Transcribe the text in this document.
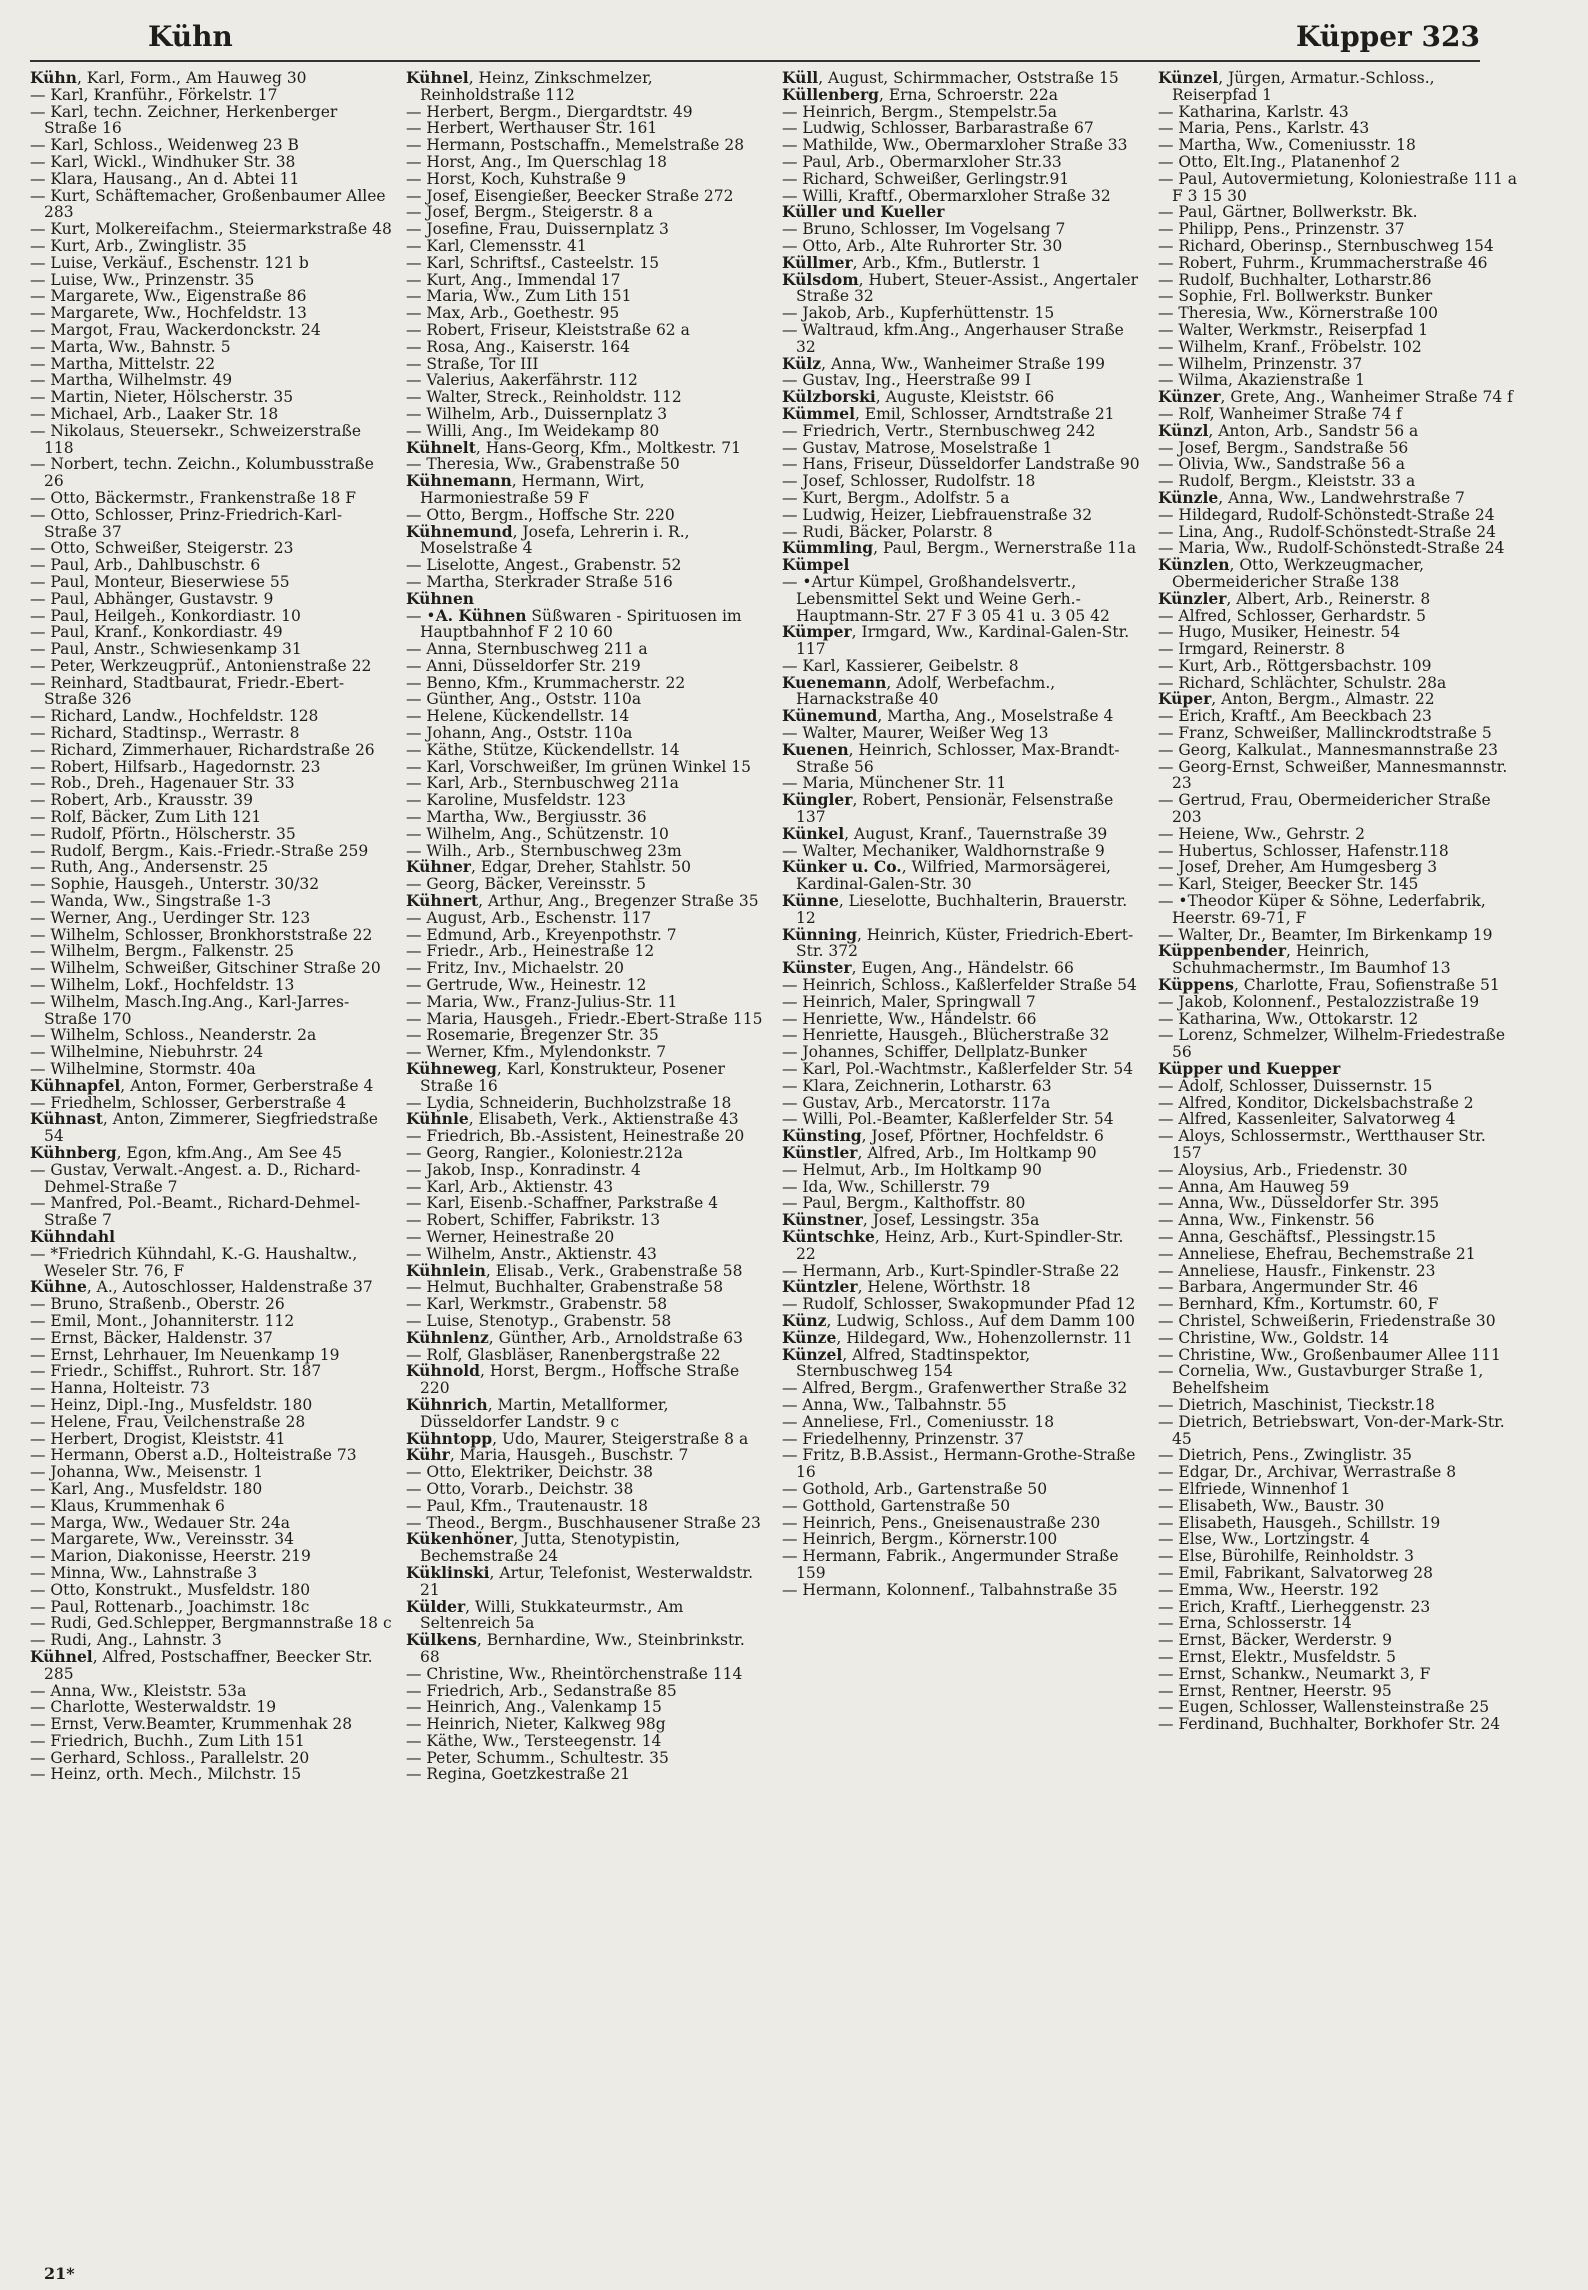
Kühn	Küpper 323
Kühn, Karl, Form., Am Hauweg 30
— Karl, Kranführ., Förkelstr. 17
— Karl, techn. Zeichner, Herkenberger Straße 16
— Karl, Schloss., Weidenweg 23 B
— Karl, Wickl., Windhuker Str. 38
— Klara, Hausang., An d. Abtei 11
— Kurt, Schäftemacher, Großenbaumer Allee 283
— Kurt, Molkereifachm., Steiermarkstraße 48
— Kurt, Arb., Zwinglistr. 35
— Luise, Verkäuf., Eschenstr. 121 b
— Luise, Ww., Prinzenstr. 35
— Margarete, Ww., Eigenstraße 86
— Margarete, Ww., Hochfeldstr. 13
— Margot, Frau, Wackerdonckstr. 24
— Marta, Ww., Bahnstr. 5
— Martha, Mittelstr. 22
— Martha, Wilhelmstr. 49
— Martin, Nieter, Hölscherstr. 35
— Michael, Arb., Laaker Str. 18
— Nikolaus, Steuersekr., Schweizerstraße 118
— Norbert, techn. Zeichn., Kolumbusstraße 26
— Otto, Bäckermstr., Frankenstraße 18 F
— Otto, Schlosser, Prinz-Friedrich-Karl-Straße 37
— Otto, Schweißer, Steigerstr. 23
— Paul, Arb., Dahlbuschstr. 6
— Paul, Monteur, Bieserwiese 55
— Paul, Abhänger, Gustavstr. 9
— Paul, Heilgeh., Konkordiastr. 10
— Paul, Kranf., Konkordiastr. 49
— Paul, Anstr., Schwiesenkamp 31
— Peter, Werkzeugprüf., Antonienstraße 22
— Reinhard, Stadtbaurat, Friedr.-Ebert-Straße 326
— Richard, Landw., Hochfeldstr. 128
— Richard, Stadtinsp., Werrastr. 8
— Richard, Zimmerhauer, Richardstraße 26
— Robert, Hilfsarb., Hagedornstr. 23
— Rob., Dreh., Hagenauer Str. 33
— Robert, Arb., Krausstr. 39
— Rolf, Bäcker, Zum Lith 121
— Rudolf, Pförtn., Hölscherstr. 35
— Rudolf, Bergm., Kais.-Friedr.-Straße 259
— Ruth, Ang., Andersenstr. 25
— Sophie, Hausgeh., Unterstr. 30/32
— Wanda, Ww., Singstraße 1-3
— Werner, Ang., Uerdinger Str. 123
— Wilhelm, Schlosser, Bronkhorststraße 22
— Wilhelm, Bergm., Falkenstr. 25
— Wilhelm, Schweißer, Gitschiner Straße 20
— Wilhelm, Lokf., Hochfeldstr. 13
— Wilhelm, Masch.Ing.Ang., Karl-Jarres-Straße 170
— Wilhelm, Schloss., Neanderstr. 2a
— Wilhelmine, Niebuhrstr. 24
— Wilhelmine, Stormstr. 40a
Kühnapfel, Anton, Former, Gerberstraße 4
— Friedhelm, Schlosser, Gerberstraße 4
Kühnast, Anton, Zimmerer, Siegfriedstraße 54
Kühnberg, Egon, kfm.Ang., Am See 45
— Gustav, Verwalt.-Angest. a. D., Richard-Dehmel-Straße 7
— Manfred, Pol.-Beamt., Richard-Dehmel-Straße 7
Kühndahl
— *Friedrich Kühndahl, K.-G. Haushaltw., Weseler Str. 76, F
Kühne, A., Autoschlosser, Haldenstraße 37
— Bruno, Straßenb., Oberstr. 26
— Emil, Mont., Johanniterstr. 112
— Ernst, Bäcker, Haldenstr. 37
— Ernst, Lehrhauer, Im Neuenkamp 19
— Friedr., Schiffst., Ruhrort. Str. 187
— Hanna, Holteistr. 73
— Heinz, Dipl.-Ing., Musfeldstr. 180
— Helene, Frau, Veilchenstraße 28
— Herbert, Drogist, Kleiststr. 41
— Hermann, Oberst a.D., Holteistraße 73
— Johanna, Ww., Meisenstr. 1
— Karl, Ang., Musfeldstr. 180
— Klaus, Krummenhak 6
— Marga, Ww., Wedauer Str. 24a
— Margarete, Ww., Vereinsstr. 34
— Marion, Diakonisse, Heerstr. 219
— Minna, Ww., Lahnstraße 3
— Otto, Konstrukt., Musfeldstr. 180
— Paul, Rottenarb., Joachimstr. 18c
— Rudi, Ged.Schlepper, Bergmannstraße 18 c
— Rudi, Ang., Lahnstr. 3
Kühnel, Alfred, Postschaffner, Beecker Str. 285
— Anna, Ww., Kleiststr. 53a
— Charlotte, Westerwaldstr. 19
— Ernst, Verw.Beamter, Krummenhak 28
— Friedrich, Buchh., Zum Lith 151
— Gerhard, Schloss., Parallelstr. 20
— Heinz, orth. Mech., Milchstr. 15
Kühnel, Heinz, Zinkschmelzer, Reinholdstraße 112
— Herbert, Bergm., Diergardtstr. 49
— Herbert, Werthauser Str. 161
— Hermann, Postschaffn., Memelstraße 28
— Horst, Ang., Im Querschlag 18
— Horst, Koch, Kuhstraße 9
— Josef, Eisengießer, Beecker Straße 272
— Josef, Bergm., Steigerstr. 8 a
— Josefine, Frau, Duissernplatz 3
— Karl, Clemensstr. 41
— Karl, Schriftsf., Casteelstr. 15
— Kurt, Ang., Immendal 17
— Maria, Ww., Zum Lith 151
— Max, Arb., Goethestr. 95
— Robert, Friseur, Kleiststraße 62 a
— Rosa, Ang., Kaiserstr. 164
— Straße, Tor III
— Valerius, Aakerfährstr. 112
— Walter, Streck., Reinholdstr. 112
— Wilhelm, Arb., Duissernplatz 3
— Willi, Ang., Im Weidekamp 80
Kühnelt, Hans-Georg, Kfm., Moltkestr. 71
— Theresia, Ww., Grabenstraße 50
Kühnemann, Hermann, Wirt, Harmoniestraße 59 F
— Otto, Bergm., Hoffsche Str. 220
Kühnemund, Josefa, Lehrerin i. R., Moselstraße 4
— Liselotte, Angest., Grabenstr. 52
— Martha, Sterkrader Straße 516
Kühnen
— •A. Kühnen Süßwaren - Spirituosen im Hauptbahnhof F 2 10 60
— Anna, Sternbuschweg 211 a
— Anni, Düsseldorfer Str. 219
— Benno, Kfm., Krummacherstr. 22
— Günther, Ang., Oststr. 110a
— Helene, Kückendellstr. 14
— Johann, Ang., Oststr. 110a
— Käthe, Stütze, Kückendellstr. 14
— Karl, Vorschweißer, Im grünen Winkel 15
— Karl, Arb., Sternbuschweg 211a
— Karoline, Musfeldstr. 123
— Martha, Ww., Bergiusstr. 36
— Wilhelm, Ang., Schützenstr. 10
— Wilh., Arb., Sternbuschweg 23m
Kühner, Edgar, Dreher, Stahlstr. 50
— Georg, Bäcker, Vereinsstr. 5
Kühnert, Arthur, Ang., Bregenzer Straße 35
— August, Arb., Eschenstr. 117
— Edmund, Arb., Kreyenpothstr. 7
— Friedr., Arb., Heinestraße 12
— Fritz, Inv., Michaelstr. 20
— Gertrude, Ww., Heinestr. 12
— Maria, Ww., Franz-Julius-Str. 11
— Maria, Hausgeh., Friedr.-Ebert-Straße 115
— Rosemarie, Bregenzer Str. 35
— Werner, Kfm., Mylendonkstr. 7
Kühneweg, Karl, Konstrukteur, Posener Straße 16
— Lydia, Schneiderin, Buchholzstraße 18
Kühnle, Elisabeth, Verk., Aktienstraße 43
— Friedrich, Bb.-Assistent, Heinestraße 20
— Georg, Rangier., Koloniestr.212a
— Jakob, Insp., Konradinstr. 4
— Karl, Arb., Aktienstr. 43
— Karl, Eisenb.-Schaffner, Parkstraße 4
— Robert, Schiffer, Fabrikstr. 13
— Werner, Heinestraße 20
— Wilhelm, Anstr., Aktienstr. 43
Kühnlein, Elisab., Verk., Grabenstraße 58
— Helmut, Buchhalter, Grabenstraße 58
— Karl, Werkmstr., Grabenstr. 58
— Luise, Stenotyp., Grabenstr. 58
Kühnlenz, Günther, Arb., Arnoldstraße 63
— Rolf, Glasbläser, Ranenbergstraße 22
Kühnold, Horst, Bergm., Hoffsche Straße 220
Kühnrich, Martin, Metallformer, Düsseldorfer Landstr. 9 c
Kühntopp, Udo, Maurer, Steigerstraße 8 a
Kühr, Maria, Hausgeh., Buschstr. 7
— Otto, Elektriker, Deichstr. 38
— Otto, Vorarb., Deichstr. 38
— Paul, Kfm., Trautenaustr. 18
— Theod., Bergm., Buschhausener Straße 23
Kükenhöner, Jutta, Stenotypistin, Bechemstraße 24
Küklinski, Artur, Telefonist, Westerwaldstr. 21
Külder, Willi, Stukkateurmstr., Am Seltenreich 5a
Külkens, Bernhardine, Ww., Steinbrinkstr. 68
— Christine, Ww., Rheintörchenstraße 114
— Friedrich, Arb., Sedanstraße 85
— Heinrich, Ang., Valenkamp 15
— Heinrich, Nieter, Kalkweg 98g
— Käthe, Ww., Tersteegenstr. 14
— Peter, Schumm., Schultestr. 35
— Regina, Goetzkestraße 21
Küll, August, Schirmmacher, Oststraße 15
Küllenberg, Erna, Schroerstr. 22a
— Heinrich, Bergm., Stempelstr.5a
— Ludwig, Schlosser, Barbarastraße 67
— Mathilde, Ww., Obermarxloher Straße 33
— Paul, Arb., Obermarxloher Str.33
— Richard, Schweißer, Gerlingstr.91
— Willi, Kraftf., Obermarxloher Straße 32
Küller und Kueller
— Bruno, Schlosser, Im Vogelsang 7
— Otto, Arb., Alte Ruhrorter Str. 30
Küllmer, Arb., Kfm., Butlerstr. 1
Külsdom, Hubert, Steuer-Assist., Angertaler Straße 32
— Jakob, Arb., Kupferhüttenstr. 15
— Waltraud, kfm.Ang., Angerhauser Straße 32
Külz, Anna, Ww., Wanheimer Straße 199
— Gustav, Ing., Heerstraße 99 I
Külzborski, Auguste, Kleiststr. 66
Kümmel, Emil, Schlosser, Arndtstraße 21
— Friedrich, Vertr., Sternbuschweg 242
— Gustav, Matrose, Moselstraße 1
— Hans, Friseur, Düsseldorfer Landstraße 90
— Josef, Schlosser, Rudolfstr. 18
— Kurt, Bergm., Adolfstr. 5 a
— Ludwig, Heizer, Liebfrauenstraße 32
— Rudi, Bäcker, Polarstr. 8
Kümmling, Paul, Bergm., Wernerstraße 11a
Kümpel
— •Artur Kümpel, Großhandelsvertr., Lebensmittel Sekt und Weine Gerh.-Hauptmann-Str. 27 F 3 05 41 u. 3 05 42
Kümper, Irmgard, Ww., Kardinal-Galen-Str. 117
— Karl, Kassierer, Geibelstr. 8
Kuenemann, Adolf, Werbefachm., Harnackstraße 40
Künemund, Martha, Ang., Moselstraße 4
— Walter, Maurer, Weißer Weg 13
Kuenen, Heinrich, Schlosser, Max-Brandt-Straße 56
— Maria, Münchener Str. 11
Küngler, Robert, Pensionär, Felsenstraße 137
Künkel, August, Kranf., Tauernstraße 39
— Walter, Mechaniker, Waldhornstraße 9
Künker u. Co., Wilfried, Marmorsägerei, Kardinal-Galen-Str. 30
Künne, Lieselotte, Buchhalterin, Brauerstr. 12
Künning, Heinrich, Küster, Friedrich-Ebert-Str. 372
Künster, Eugen, Ang., Händelstr. 66
— Heinrich, Schloss., Kaßlerfelder Straße 54
— Heinrich, Maler, Springwall 7
— Henriette, Ww., Händelstr. 66
— Henriette, Hausgeh., Blücherstraße 32
— Johannes, Schiffer, Dellplatz-Bunker
— Karl, Pol.-Wachtmstr., Kaßlerfelder Str. 54
— Klara, Zeichnerin, Lotharstr. 63
— Gustav, Arb., Mercatorstr. 117a
— Willi, Pol.-Beamter, Kaßlerfelder Str. 54
Künsting, Josef, Pförtner, Hochfeldstr. 6
Künstler, Alfred, Arb., Im Holtkamp 90
— Helmut, Arb., Im Holtkamp 90
— Ida, Ww., Schillerstr. 79
— Paul, Bergm., Kalthoffstr. 80
Künstner, Josef, Lessingstr. 35a
Küntschke, Heinz, Arb., Kurt-Spindler-Str. 22
— Hermann, Arb., Kurt-Spindler-Straße 22
Küntzler, Helene, Wörthstr. 18
— Rudolf, Schlosser, Swakopmunder Pfad 12
Künz, Ludwig, Schloss., Auf dem Damm 100
Künze, Hildegard, Ww., Hohenzollernstr. 11
Künzel, Alfred, Stadtinspektor, Sternbuschweg 154
— Alfred, Bergm., Grafenwerther Straße 32
— Anna, Ww., Talbahnstr. 55
— Anneliese, Frl., Comeniusstr. 18
— Friedelhenny, Prinzenstr. 37
— Fritz, B.B.Assist., Hermann-Grothe-Straße 16
— Gothold, Arb., Gartenstraße 50
— Gotthold, Gartenstraße 50
— Heinrich, Pens., Gneisenaustraße 230
— Heinrich, Bergm., Körnerstr.100
— Hermann, Fabrik., Angermunder Straße 159
— Hermann, Kolonnenf., Talbahnstraße 35
Künzel, Jürgen, Armatur.-Schloss., Reiserpfad 1
— Katharina, Karlstr. 43
— Maria, Pens., Karlstr. 43
— Martha, Ww., Comeniusstr. 18
— Otto, Elt.Ing., Platanenhof 2
— Paul, Autovermietung, Koloniestraße 111 a F 3 15 30
— Paul, Gärtner, Bollwerkstr. Bk.
— Philipp, Pens., Prinzenstr. 37
— Richard, Oberinsp., Sternbuschweg 154
— Robert, Fuhrm., Krummacherstraße 46
— Rudolf, Buchhalter, Lotharstr.86
— Sophie, Frl. Bollwerkstr. Bunker
— Theresia, Ww., Körnerstraße 100
— Walter, Werkmstr., Reiserpfad 1
— Wilhelm, Kranf., Fröbelstr. 102
— Wilhelm, Prinzenstr. 37
— Wilma, Akazienstraße 1
Künzer, Grete, Ang., Wanheimer Straße 74 f
— Rolf, Wanheimer Straße 74 f
Künzl, Anton, Arb., Sandstr 56 a
— Josef, Bergm., Sandstraße 56
— Olivia, Ww., Sandstraße 56 a
— Rudolf, Bergm., Kleiststr. 33 a
Künzle, Anna, Ww., Landwehrstraße 7
— Hildegard, Rudolf-Schönstedt-Straße 24
— Lina, Ang., Rudolf-Schönstedt-Straße 24
— Maria, Ww., Rudolf-Schönstedt-Straße 24
Künzlen, Otto, Werkzeugmacher, Obermeidericher Straße 138
Künzler, Albert, Arb., Reinerstr. 8
— Alfred, Schlosser, Gerhardstr. 5
— Hugo, Musiker, Heinestr. 54
— Irmgard, Reinerstr. 8
— Kurt, Arb., Röttgersbachstr. 109
— Richard, Schlächter, Schulstr. 28a
Küper, Anton, Bergm., Almastr. 22
— Erich, Kraftf., Am Beeckbach 23
— Franz, Schweißer, Mallinckrodtstraße 5
— Georg, Kalkulat., Mannesmannstraße 23
— Georg-Ernst, Schweißer, Mannesmannstr. 23
— Gertrud, Frau, Obermeidericher Straße 203
— Heiene, Ww., Gehrstr. 2
— Hubertus, Schlosser, Hafenstr.118
— Josef, Dreher, Am Humgesberg 3
— Karl, Steiger, Beecker Str. 145
— •Theodor Küper & Söhne, Lederfabrik, Heerstr. 69-71, F
— Walter, Dr., Beamter, Im Birkenkamp 19
Küppenbender, Heinrich, Schuhmachermstr., Im Baumhof 13
Küppens, Charlotte, Frau, Sofienstraße 51
— Jakob, Kolonnenf., Pestalozzistraße 19
— Katharina, Ww., Ottokarstr. 12
— Lorenz, Schmelzer, Wilhelm-Friedestraße 56
Küpper und Kuepper
— Adolf, Schlosser, Duissernstr. 15
— Alfred, Konditor, Dickelsbachstraße 2
— Alfred, Kassenleiter, Salvatorweg 4
— Aloys, Schlossermstr., Wertthauser Str. 157
— Aloysius, Arb., Friedenstr. 30
— Anna, Am Hauweg 59
— Anna, Ww., Düsseldorfer Str. 395
— Anna, Ww., Finkenstr. 56
— Anna, Geschäftsf., Plessingstr.15
— Anneliese, Ehefrau, Bechemstraße 21
— Anneliese, Hausfr., Finkenstr. 23
— Barbara, Angermunder Str. 46
— Bernhard, Kfm., Kortumstr. 60, F
— Christel, Schweißerin, Friedenstraße 30
— Christine, Ww., Goldstr. 14
— Christine, Ww., Großenbaumer Allee 111
— Cornelia, Ww., Gustavburger Straße 1, Behelfsheim
— Dietrich, Maschinist, Tieckstr.18
— Dietrich, Betriebswart, Von-der-Mark-Str. 45
— Dietrich, Pens., Zwinglistr. 35
— Edgar, Dr., Archivar, Werrastraße 8
— Elfriede, Winnenhof 1
— Elisabeth, Ww., Baustr. 30
— Elisabeth, Hausgeh., Schillstr. 19
— Else, Ww., Lortzingstr. 4
— Else, Bürohilfe, Reinholdstr. 3
— Emil, Fabrikant, Salvatorweg 28
— Emma, Ww., Heerstr. 192
— Erich, Kraftf., Lierheggenstr. 23
— Erna, Schlosserstr. 14
— Ernst, Bäcker, Werderstr. 9
— Ernst, Elektr., Musfeldstr. 5
— Ernst, Schankw., Neumarkt 3, F
— Ernst, Rentner, Heerstr. 95
— Eugen, Schlosser, Wallensteinstraße 25
— Ferdinand, Buchhalter, Borkhofer Str. 24
21*
